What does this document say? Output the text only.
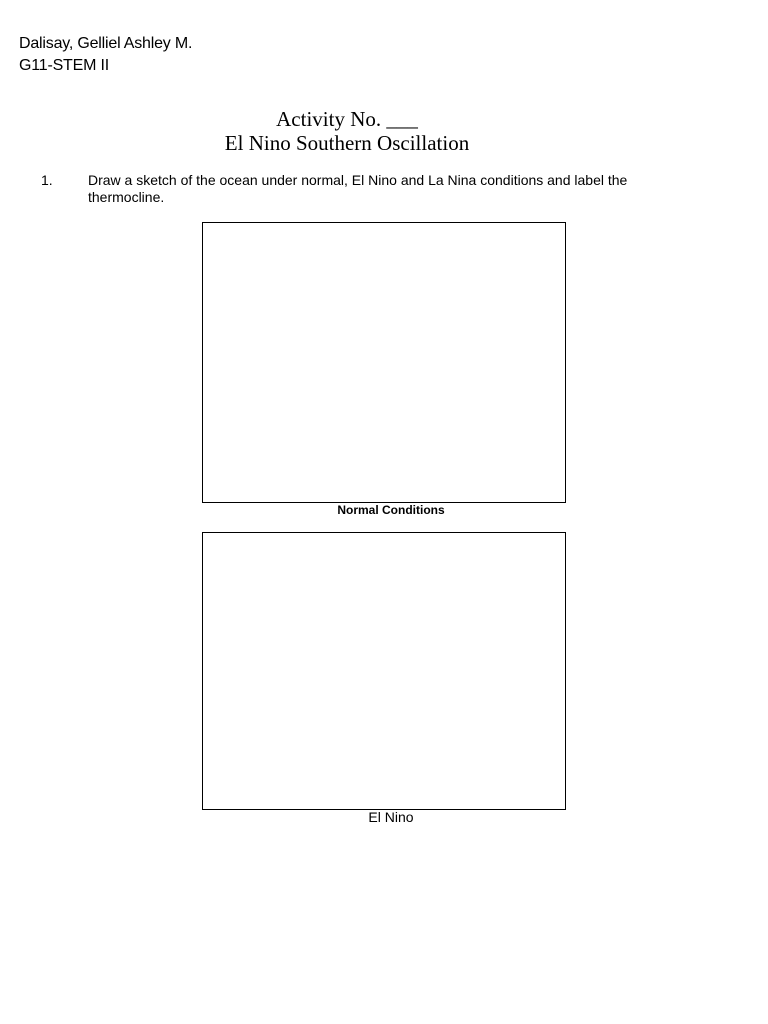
Dalisay, Gelliel Ashley M.
G11-STEM II
Activity No. ___
El Nino Southern Oscillation
1.	Draw a sketch of the ocean under normal, El Nino and La Nina conditions and label the thermocline.
Normal Conditions
El Nino
